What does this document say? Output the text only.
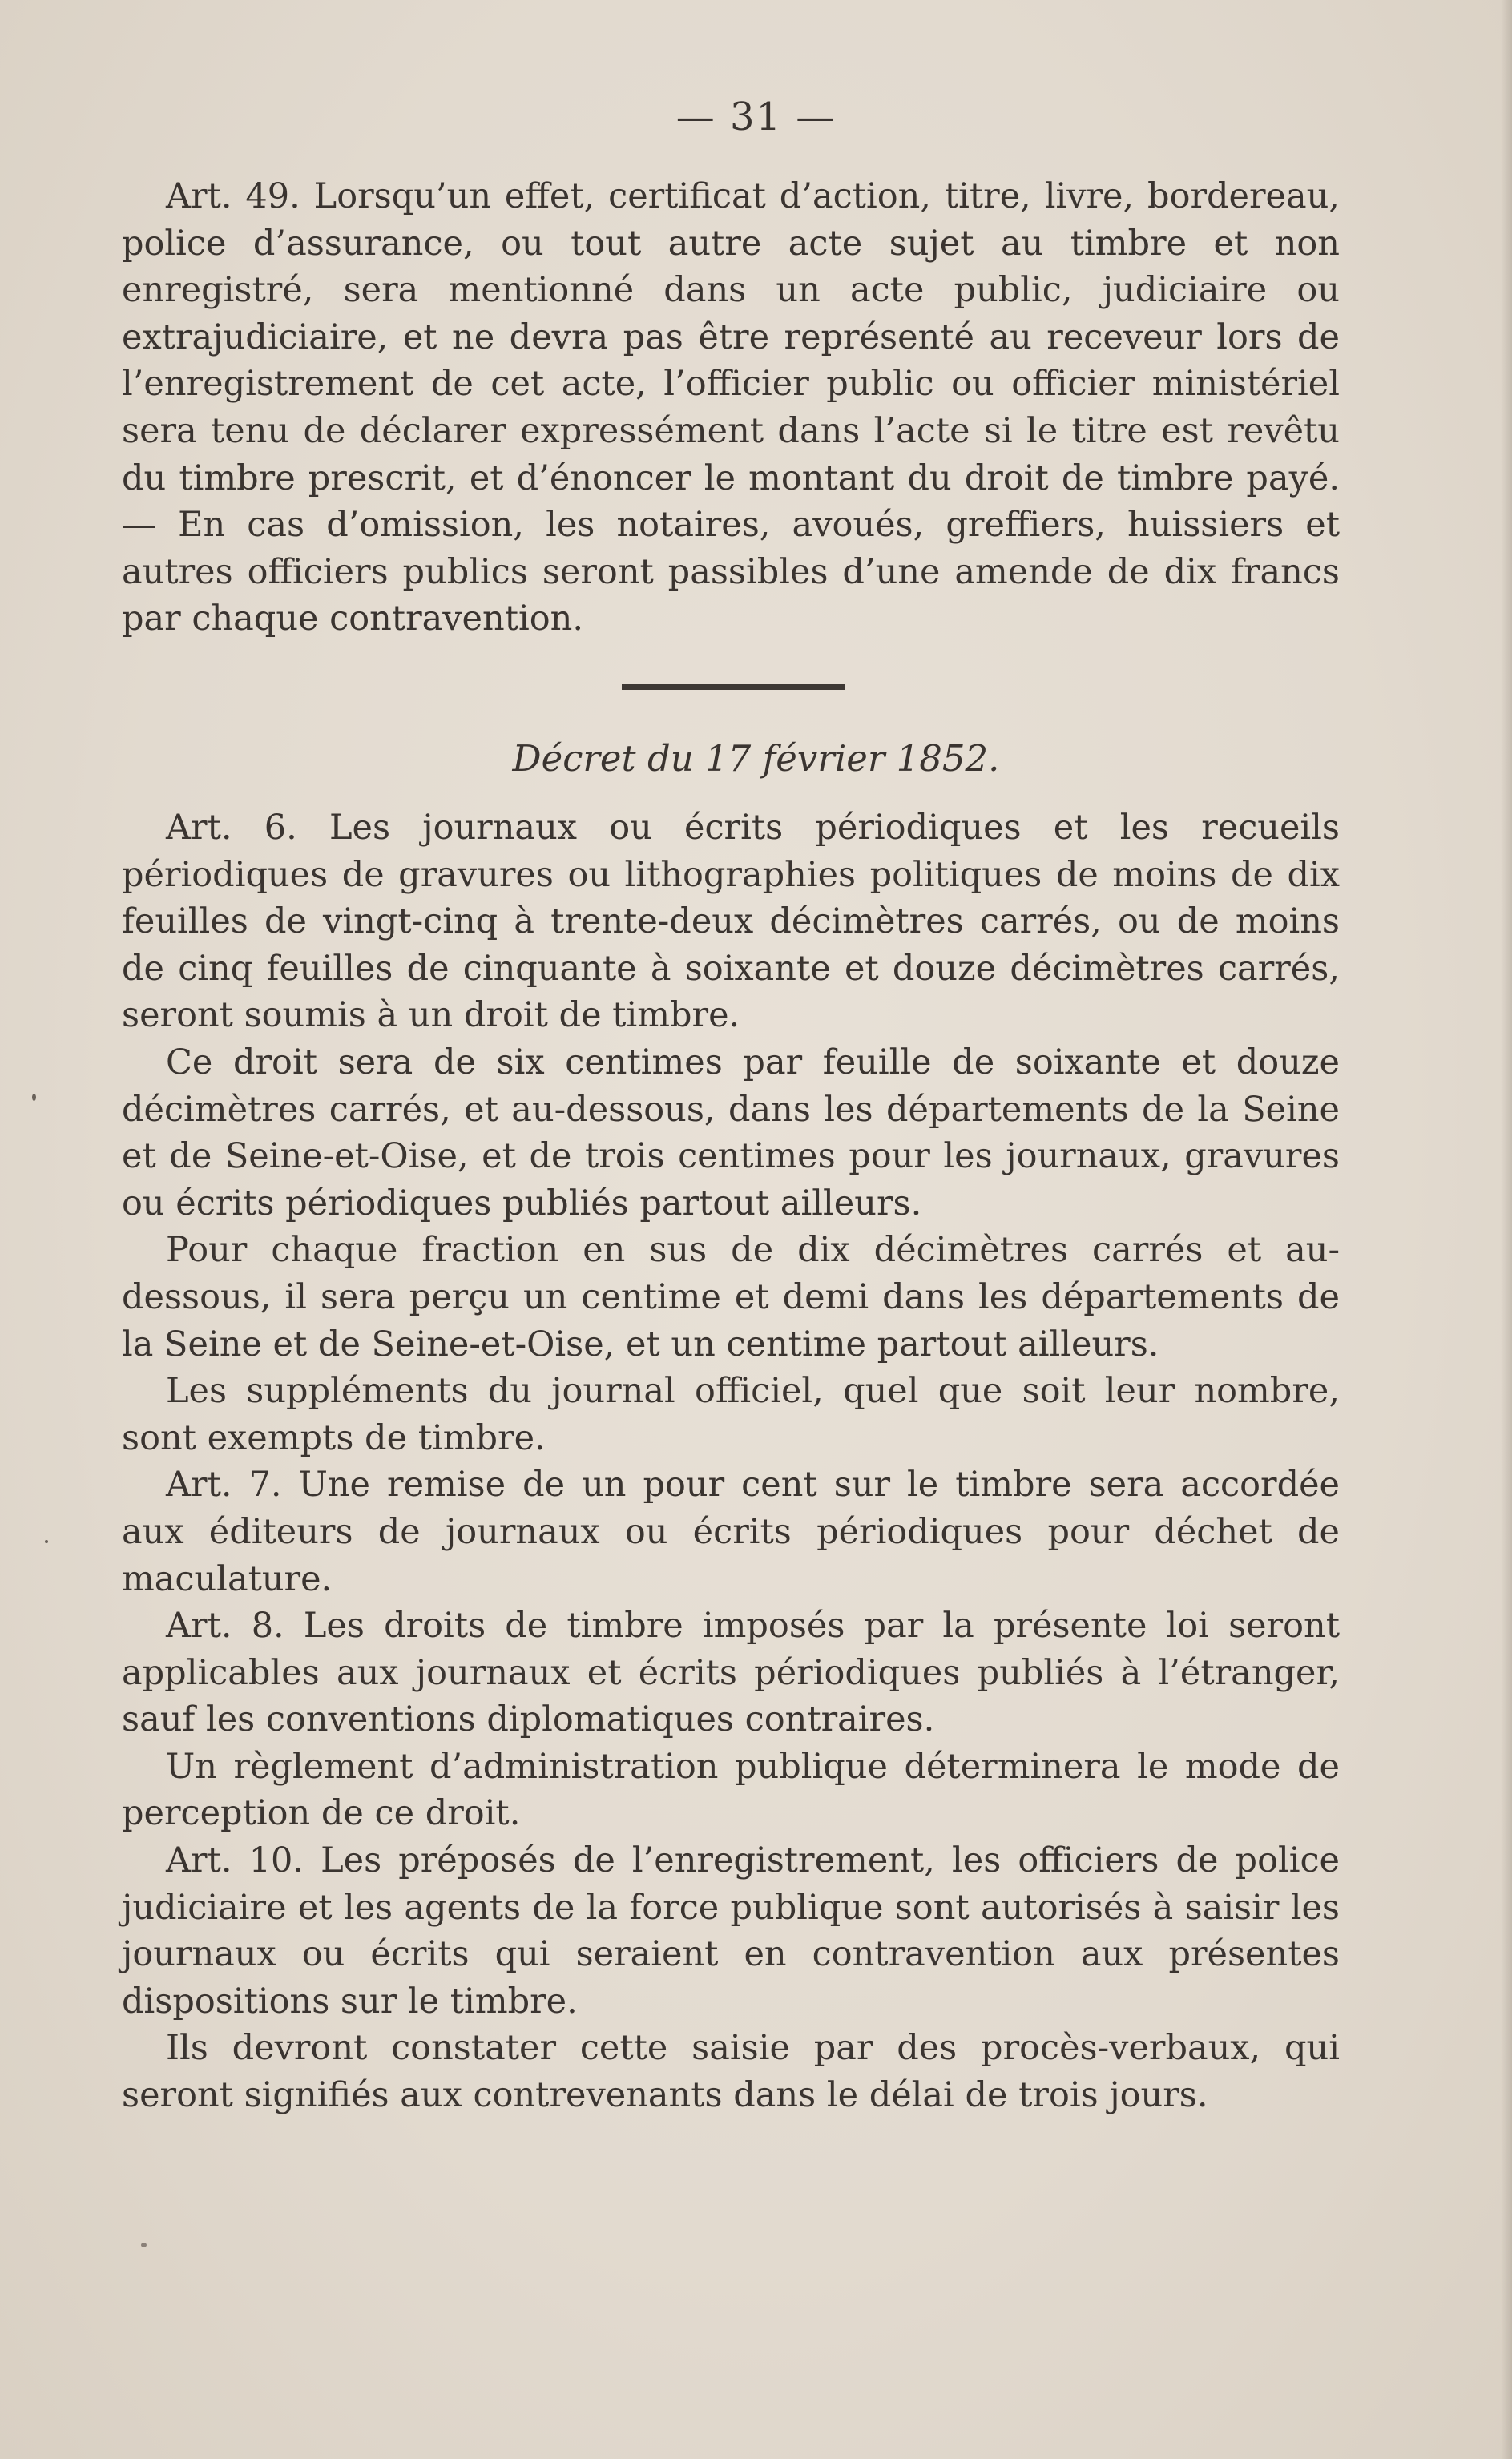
— 31 —

Art. 49. Lorsqu’un effet, certificat d’action, titre, livre, bordereau, police d’assurance, ou tout autre acte sujet au timbre et non enregistré, sera mentionné dans un acte public, judiciaire ou extrajudiciaire, et ne devra pas être représenté au receveur lors de l’enregistrement de cet acte, l’officier public ou officier ministériel sera tenu de déclarer expressément dans l’acte si le titre est revêtu du timbre prescrit, et d’énoncer le montant du droit de timbre payé. — En cas d’omission, les notaires, avoués, greffiers, huissiers et autres officiers publics seront passibles d’une amende de dix francs par chaque contravention.

Décret du 17 février 1852.

Art. 6. Les journaux ou écrits périodiques et les recueils périodiques de gravures ou lithographies politiques de moins de dix feuilles de vingt-cinq à trente-deux décimètres carrés, ou de moins de cinq feuilles de cinquante à soixante et douze décimètres carrés, seront soumis à un droit de timbre.

Ce droit sera de six centimes par feuille de soixante et douze décimètres carrés, et au-dessous, dans les départements de la Seine et de Seine-et-Oise, et de trois centimes pour les journaux, gravures ou écrits périodiques publiés partout ailleurs.

Pour chaque fraction en sus de dix décimètres carrés et au-dessous, il sera perçu un centime et demi dans les départements de la Seine et de Seine-et-Oise, et un centime partout ailleurs.

Les suppléments du journal officiel, quel que soit leur nombre, sont exempts de timbre.

Art. 7. Une remise de un pour cent sur le timbre sera accordée aux éditeurs de journaux ou écrits périodiques pour déchet de maculature.

Art. 8. Les droits de timbre imposés par la présente loi seront applicables aux journaux et écrits périodiques publiés à l’étranger, sauf les conventions diplomatiques contraires.

Un règlement d’administration publique déterminera le mode de perception de ce droit.

Art. 10. Les préposés de l’enregistrement, les officiers de police judiciaire et les agents de la force publique sont autorisés à saisir les journaux ou écrits qui seraient en contravention aux présentes dispositions sur le timbre.

Ils devront constater cette saisie par des procès-verbaux, qui seront signifiés aux contrevenants dans le délai de trois jours.
